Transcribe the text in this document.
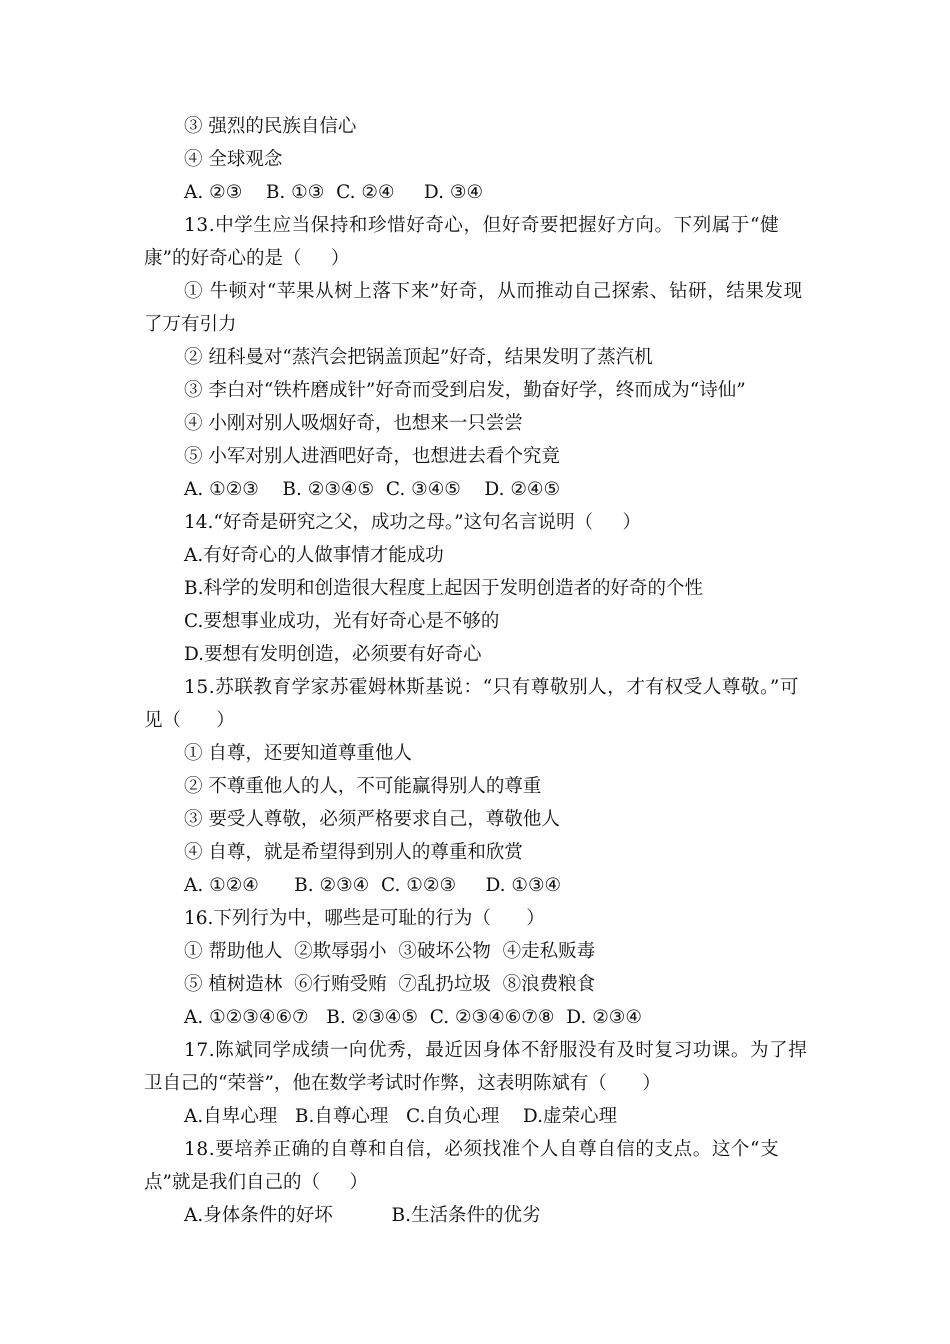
③ 强烈的民族自信心
④ 全球观念
A. ②③    B. ①③  C. ②④     D. ③④
13.中学生应当保持和珍惜好奇心，但好奇要把握好方向。下列属于“健
康”的好奇心的是（     ）
① 牛顿对“苹果从树上落下来”好奇，从而推动自己探索、钻研，结果发现
了万有引力
② 纽科曼对“蒸汽会把锅盖顶起”好奇，结果发明了蒸汽机
③ 李白对“铁杵磨成针”好奇而受到启发，勤奋好学，终而成为“诗仙”
④ 小刚对别人吸烟好奇，也想来一只尝尝
⑤ 小军对别人进酒吧好奇，也想进去看个究竟
A. ①②③    B. ②③④⑤  C. ③④⑤    D. ②④⑤
14.“好奇是研究之父，成功之母。”这句名言说明（     ）
A.有好奇心的人做事情才能成功
B.科学的发明和创造很大程度上起因于发明创造者的好奇的个性
C.要想事业成功，光有好奇心是不够的
D.要想有发明创造，必须要有好奇心
15.苏联教育学家苏霍姆林斯基说：“只有尊敬别人，才有权受人尊敬。”可
见（      ）
① 自尊，还要知道尊重他人
② 不尊重他人的人，不可能赢得别人的尊重
③ 要受人尊敬，必须严格要求自己，尊敬他人
④ 自尊，就是希望得到别人的尊重和欣赏
A. ①②④      B. ②③④  C. ①②③     D. ①③④
16.下列行为中，哪些是可耻的行为（      ）
① 帮助他人  ②欺辱弱小  ③破坏公物  ④走私贩毒
⑤ 植树造林  ⑥行贿受贿  ⑦乱扔垃圾  ⑧浪费粮食
A. ①②③④⑥⑦   B. ②③④⑤  C. ②③④⑥⑦⑧  D. ②③④
17.陈斌同学成绩一向优秀，最近因身体不舒服没有及时复习功课。为了捍
卫自己的“荣誉”，他在数学考试时作弊，这表明陈斌有（      ）
A.自卑心理   B.自尊心理   C.自负心理    D.虚荣心理
18.要培养正确的自尊和自信，必须找准个人自尊自信的支点。这个“支
点”就是我们自己的（     ）
A.身体条件的好坏          B.生活条件的优劣
